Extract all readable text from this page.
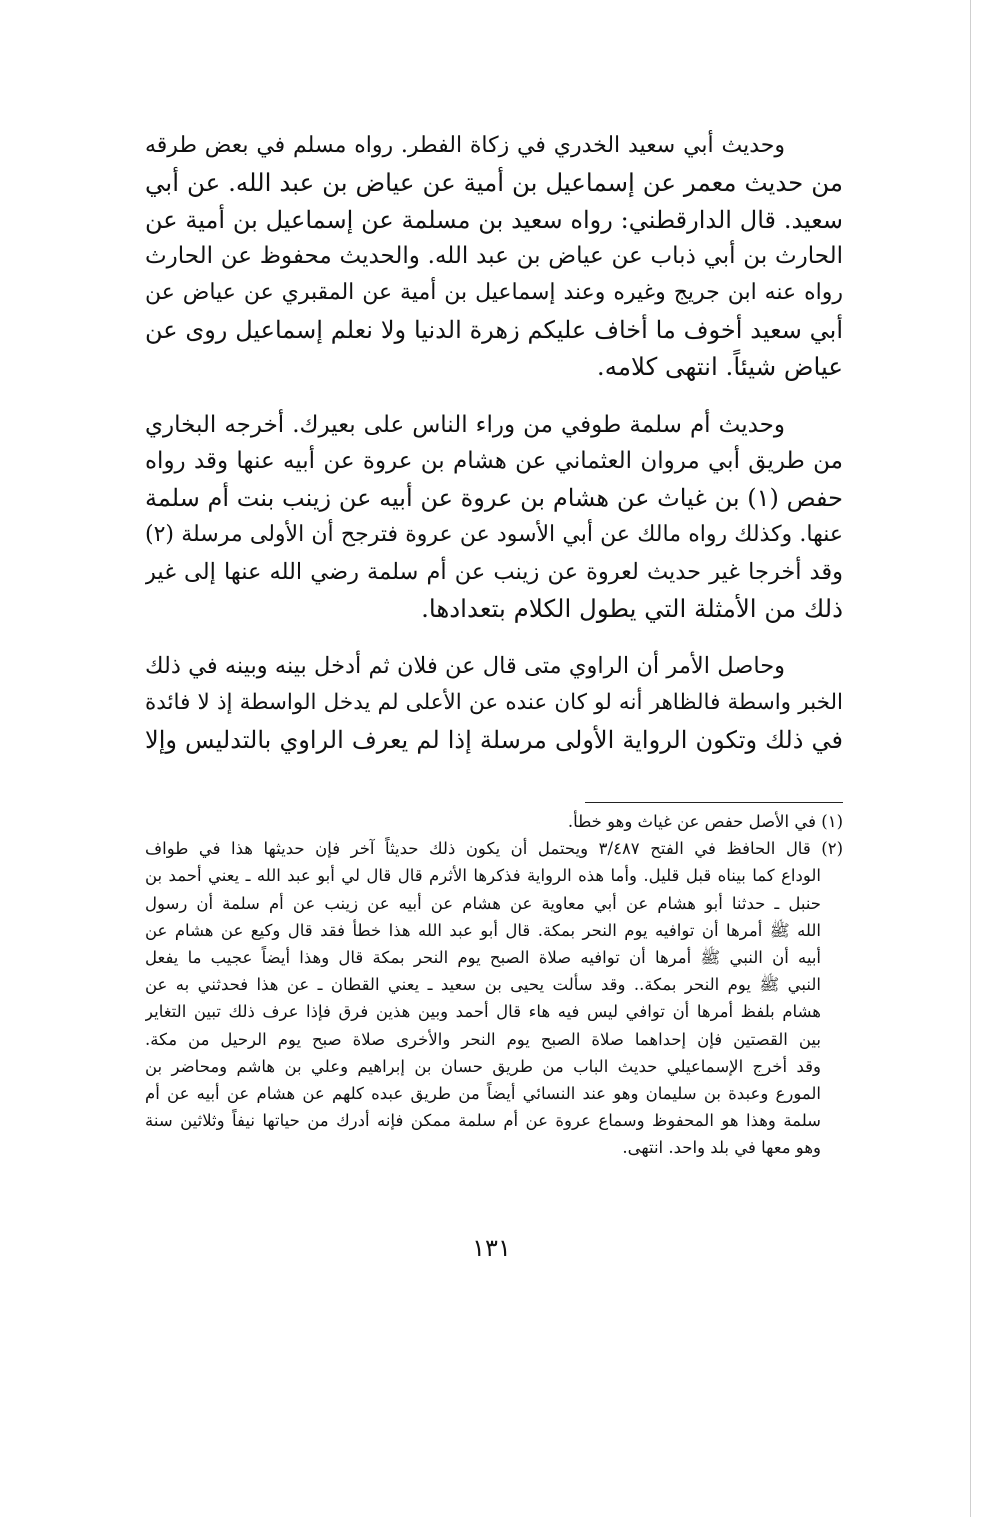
وحديث أبي سعيد الخدري في زكاة الفطر. رواه مسلم في بعض طرقه
من حديث معمر عن إسماعيل بن أمية عن عياض بن عبد الله. عن أبي
سعيد. قال الدارقطني: رواه سعيد بن مسلمة عن إسماعيل بن أمية عن
الحارث بن أبي ذباب عن عياض بن عبد الله. والحديث محفوظ عن الحارث
رواه عنه ابن جريج وغيره وعند إسماعيل بن أمية عن المقبري عن عياض عن
أبي سعيد أخوف ما أخاف عليكم زهرة الدنيا ولا نعلم إسماعيل روى عن
عياض شيئاً. انتهى كلامه.

وحديث أم سلمة طوفي من وراء الناس على بعيرك. أخرجه البخاري
من طريق أبي مروان العثماني عن هشام بن عروة عن أبيه عنها وقد رواه
حفص (١) بن غياث عن هشام بن عروة عن أبيه عن زينب بنت أم سلمة
عنها. وكذلك رواه مالك عن أبي الأسود عن عروة فترجح أن الأولى مرسلة (٢)
وقد أخرجا غير حديث لعروة عن زينب عن أم سلمة رضي الله عنها إلى غير
ذلك من الأمثلة التي يطول الكلام بتعدادها.

وحاصل الأمر أن الراوي متى قال عن فلان ثم أدخل بينه وبينه في ذلك
الخبر واسطة فالظاهر أنه لو كان عنده عن الأعلى لم يدخل الواسطة إذ لا فائدة
في ذلك وتكون الرواية الأولى مرسلة إذا لم يعرف الراوي بالتدليس وإلا

(١) في الأصل حفص عن غياث وهو خطأ.
(٢) قال الحافظ في الفتح ٣/٤٨٧ ويحتمل أن يكون ذلك حديثاً آخر فإن حديثها هذا في طواف
الوداع كما بيناه قبل قليل. وأما هذه الرواية فذكرها الأثرم قال قال لي أبو عبد الله ـ يعني أحمد بن
حنبل ـ حدثنا أبو هشام عن أبي معاوية عن هشام عن أبيه عن زينب عن أم سلمة أن رسول
الله ﷺ أمرها أن توافيه يوم النحر بمكة. قال أبو عبد الله هذا خطأ فقد قال وكيع عن هشام عن
أبيه أن النبي ﷺ أمرها أن توافيه صلاة الصبح يوم النحر بمكة قال وهذا أيضاً عجيب ما يفعل
النبي ﷺ يوم النحر بمكة.. وقد سألت يحيى بن سعيد ـ يعني القطان ـ عن هذا فحدثني به عن
هشام بلفظ أمرها أن توافي ليس فيه هاء قال أحمد وبين هذين فرق فإذا عرف ذلك تبين التغاير
بين القصتين فإن إحداهما صلاة الصبح يوم النحر والأخرى صلاة صبح يوم الرحيل من مكة.
وقد أخرج الإسماعيلي حديث الباب من طريق حسان بن إبراهيم وعلي بن هاشم ومحاضر بن
المورع وعبدة بن سليمان وهو عند النسائي أيضاً من طريق عبده كلهم عن هشام عن أبيه عن أم
سلمة وهذا هو المحفوظ وسماع عروة عن أم سلمة ممكن فإنه أدرك من حياتها نيفاً وثلاثين سنة
وهو معها في بلد واحد. انتهى.
١٣١
